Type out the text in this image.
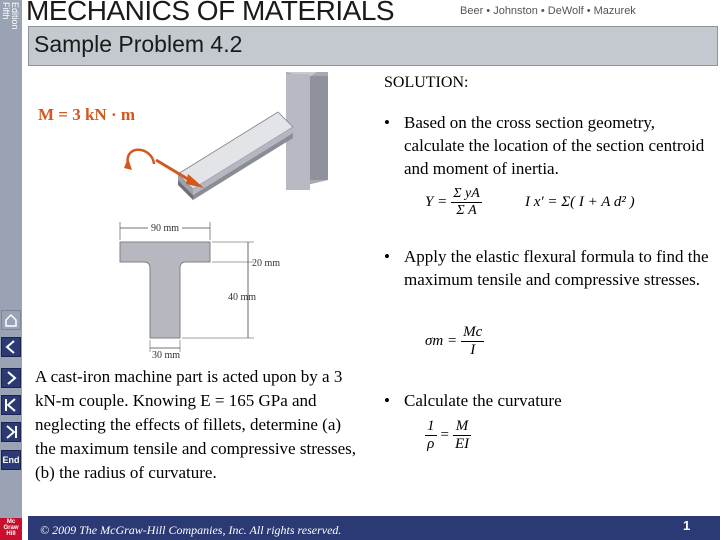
Fifth Edition
End
Mc
Graw
Hill
MECHANICS OF MATERIALS	Beer • Johnston • DeWolf • Mazurek
Sample Problem 4.2
M = 3 kN · m
90 mm
20 mm
40 mm
30 mm
A cast-iron machine part is acted upon by a 3 kN-m couple. Knowing E = 165 GPa and neglecting the effects of fillets, determine (a) the maximum tensile and compressive stresses, (b) the radius of curvature.
SOLUTION:
• Based on the cross section geometry, calculate the location of the section centroid and moment of inertia.
$Y = \frac{\text{Σ yA}}{\text{Σ A}}$	I x' = Σ( I + A d² )
• Apply the elastic flexural formula to find the maximum tensile and compressive stresses.
$\sigma m = \frac{Mc}{I}$
• Calculate the curvature
$\frac{1}{\rho} = \frac{M}{EI}$
© 2009 The McGraw-Hill Companies, Inc. All rights reserved.	1
